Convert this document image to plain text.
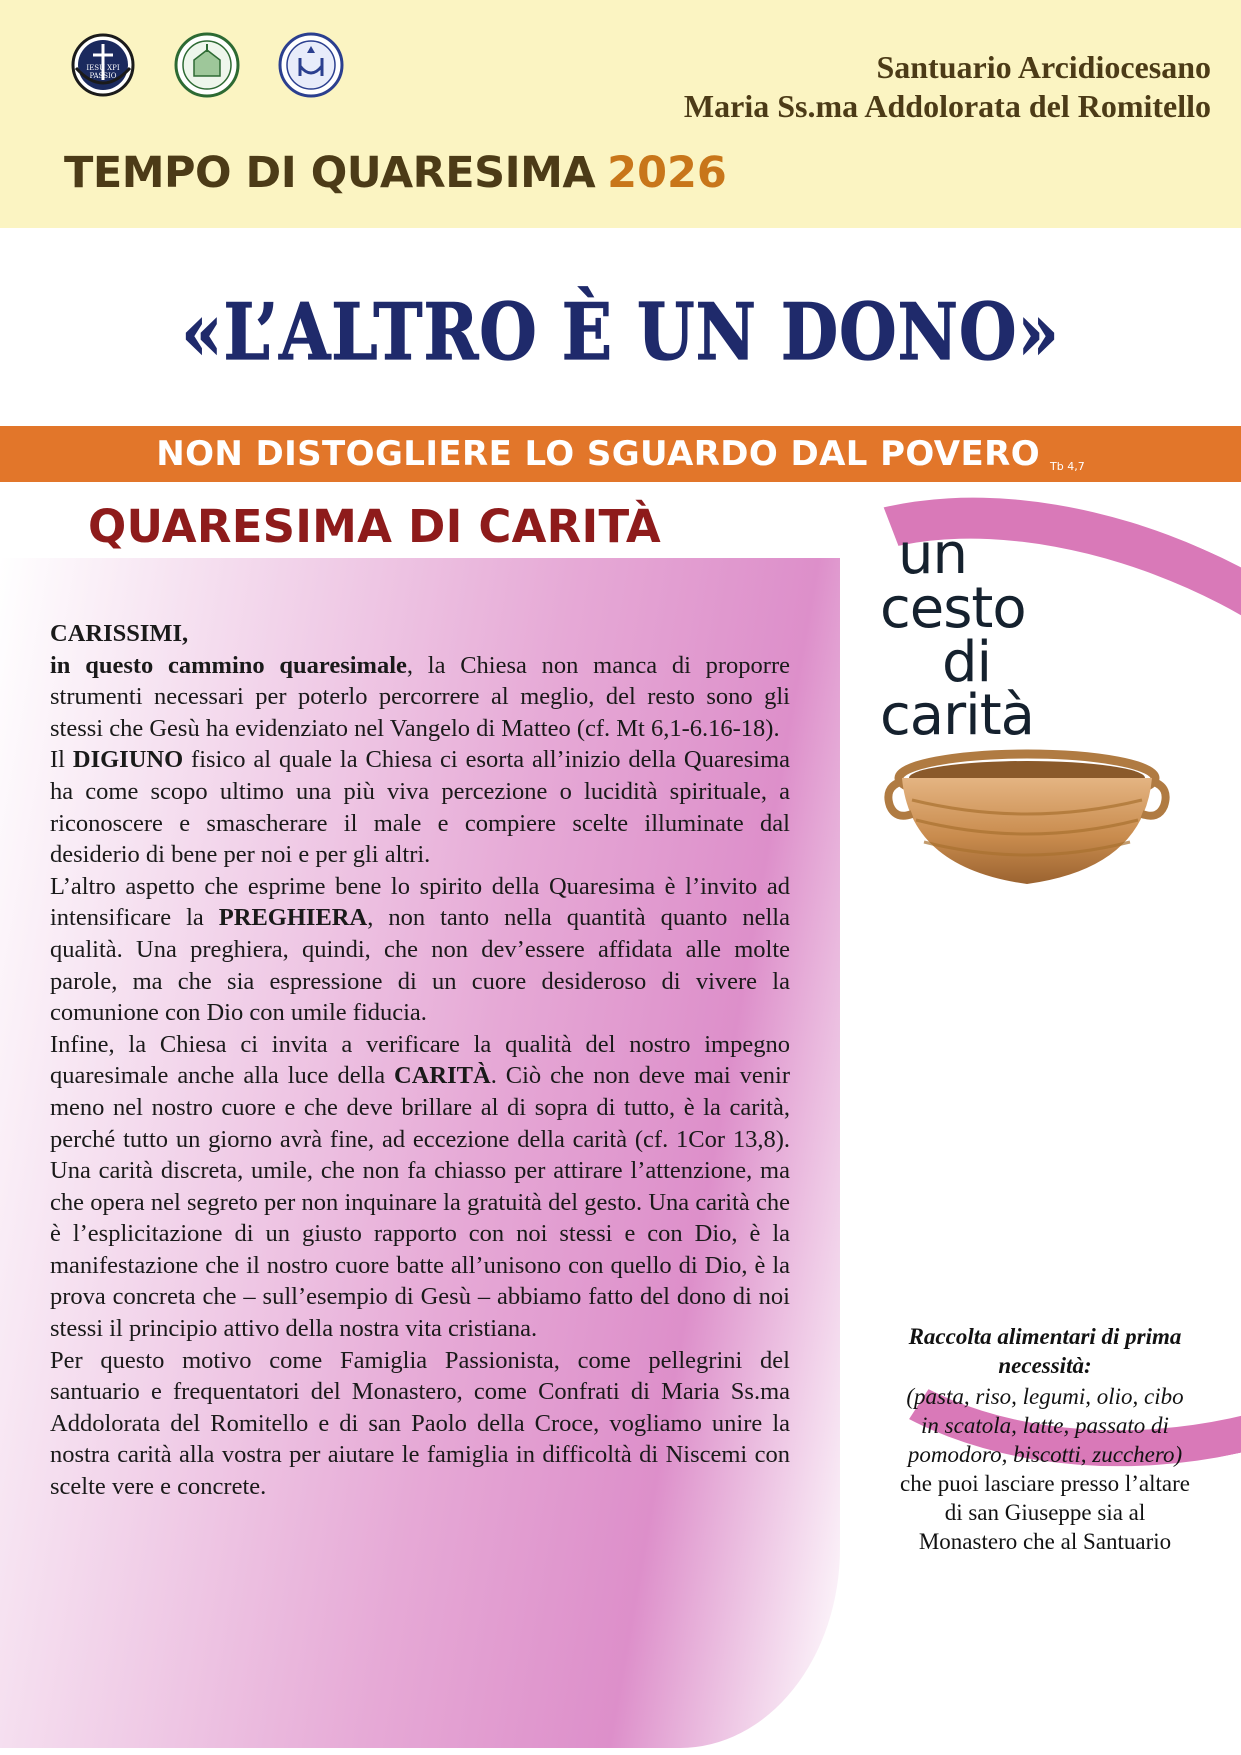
IESU XPI
PASSIO	Santuario Arcidiocesano
Maria Ss.ma Addolorata del Romitello
TEMPO DI QUARESIMA 2026
«L’ALTRO È UN DONO»
NON DISTOGLIERE LO SGUARDO DAL POVERO Tb 4,7
QUARESIMA DI CARITÀ

CARISSIMI,

in questo cammino quaresimale, la Chiesa non manca di proporre strumenti necessari per poterlo percorrere al meglio, del resto sono gli stessi che Gesù ha evidenziato nel Vangelo di Matteo (cf. Mt 6,1-6.16-18).

Il DIGIUNO fisico al quale la Chiesa ci esorta all’inizio della Quaresima ha come scopo ultimo una più viva percezione o lucidità spirituale, a riconoscere e smascherare il male e compiere scelte illuminate dal desiderio di bene per noi e per gli altri.

L’altro aspetto che esprime bene lo spirito della Quaresima è l’invito ad intensificare la PREGHIERA, non tanto nella quantità quanto nella qualità. Una preghiera, quindi, che non dev’essere affidata alle molte parole, ma che sia espressione di un cuore desideroso di vivere la comunione con Dio con umile fiducia.

Infine, la Chiesa ci invita a verificare la qualità del nostro impegno quaresimale anche alla luce della CARITÀ. Ciò che non deve mai venir meno nel nostro cuore e che deve brillare al di sopra di tutto, è la carità, perché tutto un giorno avrà fine, ad eccezione della carità (cf. 1Cor 13,8). Una carità discreta, umile, che non fa chiasso per attirare l’attenzione, ma che opera nel segreto per non inquinare la gratuità del gesto. Una carità che è l’esplicitazione di un giusto rapporto con noi stessi e con Dio, è la manifestazione che il nostro cuore batte all’unisono con quello di Dio, è la prova concreta che – sull’esempio di Gesù – abbiamo fatto del dono di noi stessi il principio attivo della nostra vita cristiana.

Per questo motivo come Famiglia Passionista, come pellegrini del santuario e frequentatori del Monastero, come Confrati di Maria Ss.ma Addolorata del Romitello e di san Paolo della Croce, vogliamo unire la nostra carità alla vostra per aiutare le famiglia in difficoltà di Niscemi con scelte vere e concrete.

un
cesto
di
carità
Raccolta alimentari di prima necessità:
(pasta, riso, legumi, olio, cibo in scatola, latte, passato di pomodoro, biscotti, zucchero)
che puoi lasciare presso l’altare di san Giuseppe sia al Monastero che al Santuario
